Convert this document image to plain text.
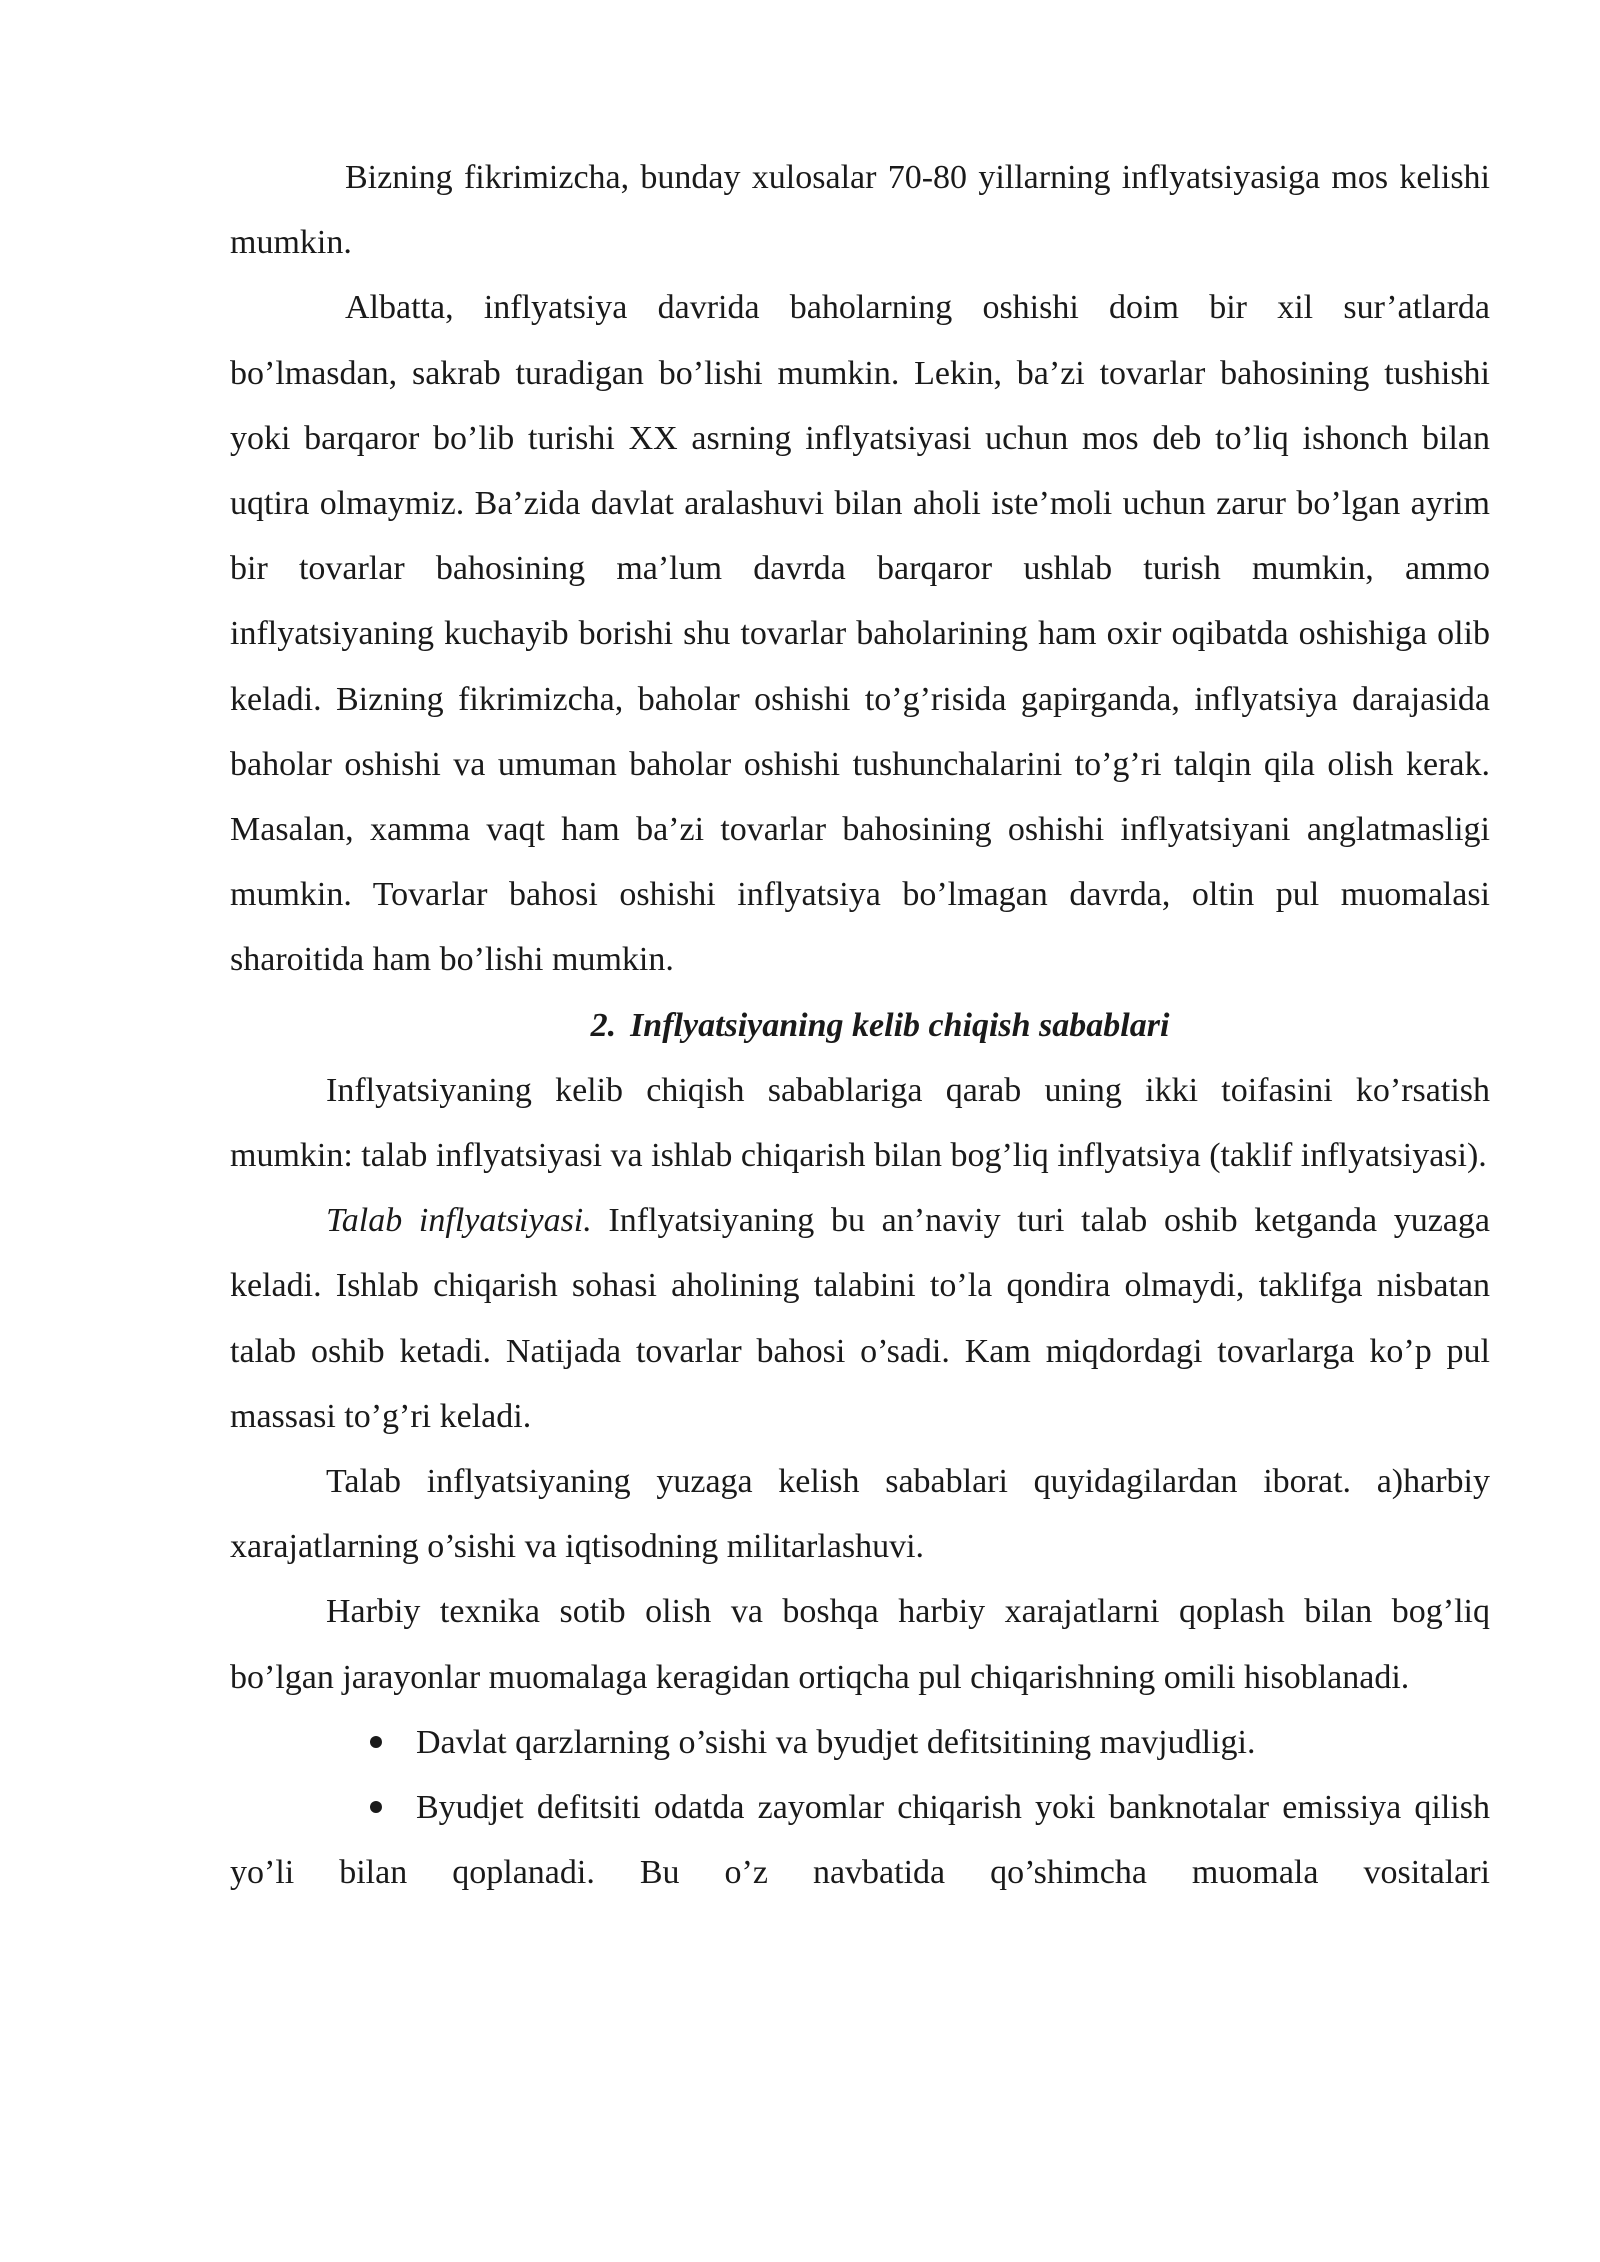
Bizning fikrimizcha, bunday xulosalar 70-80 yillarning inflyatsiyasiga mos kelishi mumkin.

Albatta, inflyatsiya davrida baholarning oshishi doim bir xil sur’atlarda bo’lmasdan, sakrab turadigan bo’lishi mumkin. Lekin, ba’zi tovarlar bahosining tushishi yoki barqaror bo’lib turishi XX asrning inflyatsiyasi uchun mos deb to’liq ishonch bilan uqtira olmaymiz. Ba’zida davlat aralashuvi bilan aholi iste’moli uchun zarur bo’lgan ayrim bir tovarlar bahosining ma’lum davrda barqaror ushlab turish mumkin, ammo inflyatsiyaning kuchayib borishi shu tovarlar baholarining ham oxir oqibatda oshishiga olib keladi. Bizning fikrimizcha, baholar oshishi to’g’risida gapirganda, inflyatsiya darajasida baholar oshishi va umuman baholar oshishi tushunchalarini to’g’ri talqin qila olish kerak. Masalan, xamma vaqt ham ba’zi tovarlar bahosining oshishi inflyatsiyani anglatmasligi mumkin. Tovarlar bahosi oshishi inflyatsiya bo’lmagan davrda, oltin pul muomalasi sharoitida ham bo’lishi mumkin.

2. Inflyatsiyaning kelib chiqish sabablari

Inflyatsiyaning kelib chiqish sabablariga qarab uning ikki toifasini ko’rsatish mumkin: talab inflyatsiyasi va ishlab chiqarish bilan bog’liq inflyatsiya (taklif inflyatsiyasi).

Talab inflyatsiyasi. Inflyatsiyaning bu an’naviy turi talab oshib ketganda yuzaga keladi. Ishlab chiqarish sohasi aholining talabini to’la qondira olmaydi, taklifga nisbatan talab oshib ketadi. Natijada tovarlar bahosi o’sadi. Kam miqdordagi tovarlarga ko’p pul massasi to’g’ri keladi.

Talab inflyatsiyaning yuzaga kelish sabablari quyidagilardan iborat. a)harbiy xarajatlarning o’sishi va iqtisodning militarlashuvi.

Harbiy texnika sotib olish va boshqa harbiy xarajatlarni qoplash bilan bog’liq bo’lgan jarayonlar muomalaga keragidan ortiqcha pul chiqarishning omili hisoblanadi.

Davlat qarzlarning o’sishi va byudjet defitsitining mavjudligi.

Byudjet defitsiti odatda zayomlar chiqarish yoki banknotalar emissiya qilish yo’li bilan qoplanadi. Bu o’z navbatida qo’shimcha muomala vositalari
